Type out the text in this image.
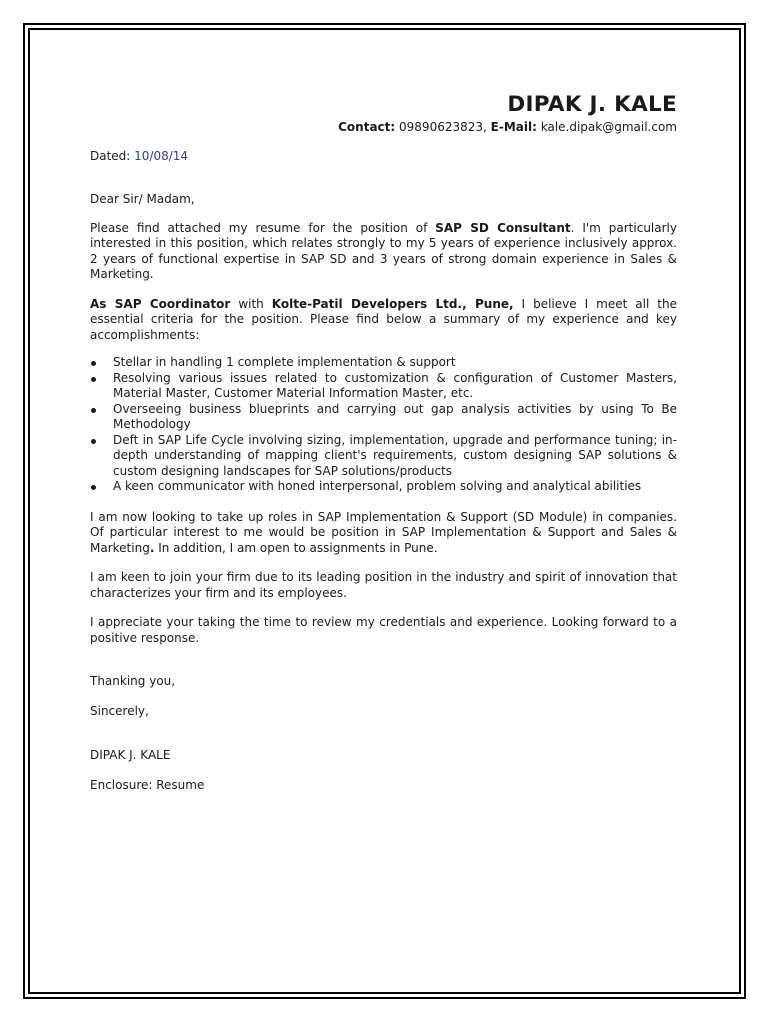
DIPAK J. KALE
Contact: 09890623823, E-Mail: kale.dipak@gmail.com

Dated: 10/08/14

Dear Sir/ Madam,

Please find attached my resume for the position of SAP SD Consultant. I'm particularly interested in this position, which relates strongly to my 5 years of experience inclusively approx. 2 years of functional expertise in SAP SD and 3 years of strong domain experience in Sales & Marketing.

As SAP Coordinator with Kolte-Patil Developers Ltd., Pune, I believe I meet all the essential criteria for the position. Please find below a summary of my experience and key accomplishments:

Stellar in handling 1 complete implementation & support
Resolving various issues related to customization & configuration of Customer Masters, Material Master, Customer Material Information Master, etc.
Overseeing business blueprints and carrying out gap analysis activities by using To Be Methodology
Deft in SAP Life Cycle involving sizing, implementation, upgrade and performance tuning; in-depth understanding of mapping client's requirements, custom designing SAP solutions & custom designing landscapes for SAP solutions/products
A keen communicator with honed interpersonal, problem solving and analytical abilities

I am now looking to take up roles in SAP Implementation & Support (SD Module) in companies. Of particular interest to me would be position in SAP Implementation & Support and Sales & Marketing. In addition, I am open to assignments in Pune.

I am keen to join your firm due to its leading position in the industry and spirit of innovation that characterizes your firm and its employees.

I appreciate your taking the time to review my credentials and experience. Looking forward to a positive response.

Thanking you,

Sincerely,

DIPAK J. KALE

Enclosure: Resume
